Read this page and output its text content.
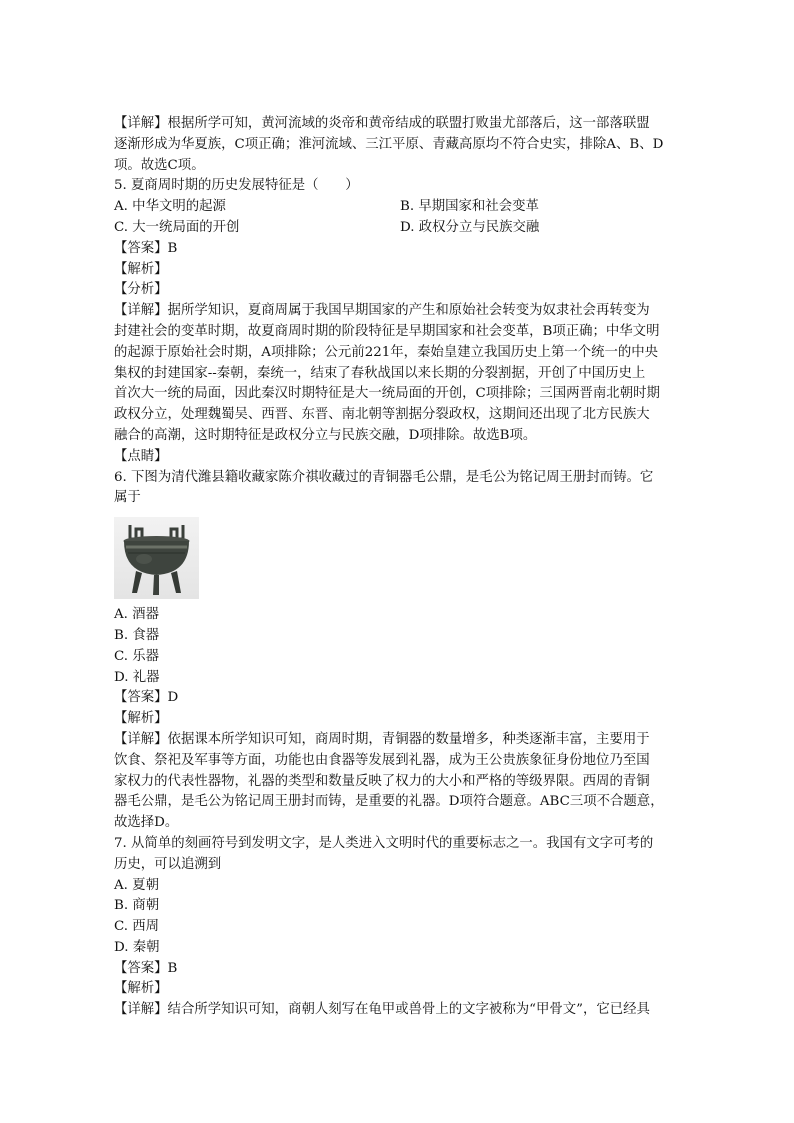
【详解】根据所学可知，黄河流域的炎帝和黄帝结成的联盟打败蚩尤部落后，这一部落联盟
逐渐形成为华夏族，C项正确；淮河流域、三江平原、青藏高原均不符合史实，排除A、B、D
项。故选C项。
5. 夏商周时期的历史发展特征是（　　）
A. 中华文明的起源	B. 早期国家和社会变革
C. 大一统局面的开创	D. 政权分立与民族交融
【答案】B
【解析】
【分析】
【详解】据所学知识，夏商周属于我国早期国家的产生和原始社会转变为奴隶社会再转变为
封建社会的变革时期，故夏商周时期的阶段特征是早期国家和社会变革，B项正确；中华文明
的起源于原始社会时期，A项排除；公元前221年，秦始皇建立我国历史上第一个统一的中央
集权的封建国家--秦朝，秦统一，结束了春秋战国以来长期的分裂割据，开创了中国历史上
首次大一统的局面，因此秦汉时期特征是大一统局面的开创，C项排除；三国两晋南北朝时期
政权分立，处理魏蜀吴、西晋、东晋、南北朝等割据分裂政权，这期间还出现了北方民族大
融合的高潮，这时期特征是政权分立与民族交融，D项排除。故选B项。
【点睛】
6. 下图为清代潍县籍收藏家陈介祺收藏过的青铜器毛公鼎，是毛公为铭记周王册封而铸。它
属于
A. 酒器
B. 食器
C. 乐器
D. 礼器
【答案】D
【解析】
【详解】依据课本所学知识可知，商周时期，青铜器的数量增多，种类逐渐丰富，主要用于
饮食、祭祀及军事等方面，功能也由食器等发展到礼器，成为王公贵族象征身份地位乃至国
家权力的代表性器物，礼器的类型和数量反映了权力的大小和严格的等级界限。西周的青铜
器毛公鼎，是毛公为铭记周王册封而铸，是重要的礼器。D项符合题意。ABC三项不合题意，
故选择D。
7. 从简单的刻画符号到发明文字，是人类进入文明时代的重要标志之一。我国有文字可考的
历史，可以追溯到
A. 夏朝
B. 商朝
C. 西周
D. 秦朝
【答案】B
【解析】
【详解】结合所学知识可知，商朝人刻写在龟甲或兽骨上的文字被称为“甲骨文”，它已经具
